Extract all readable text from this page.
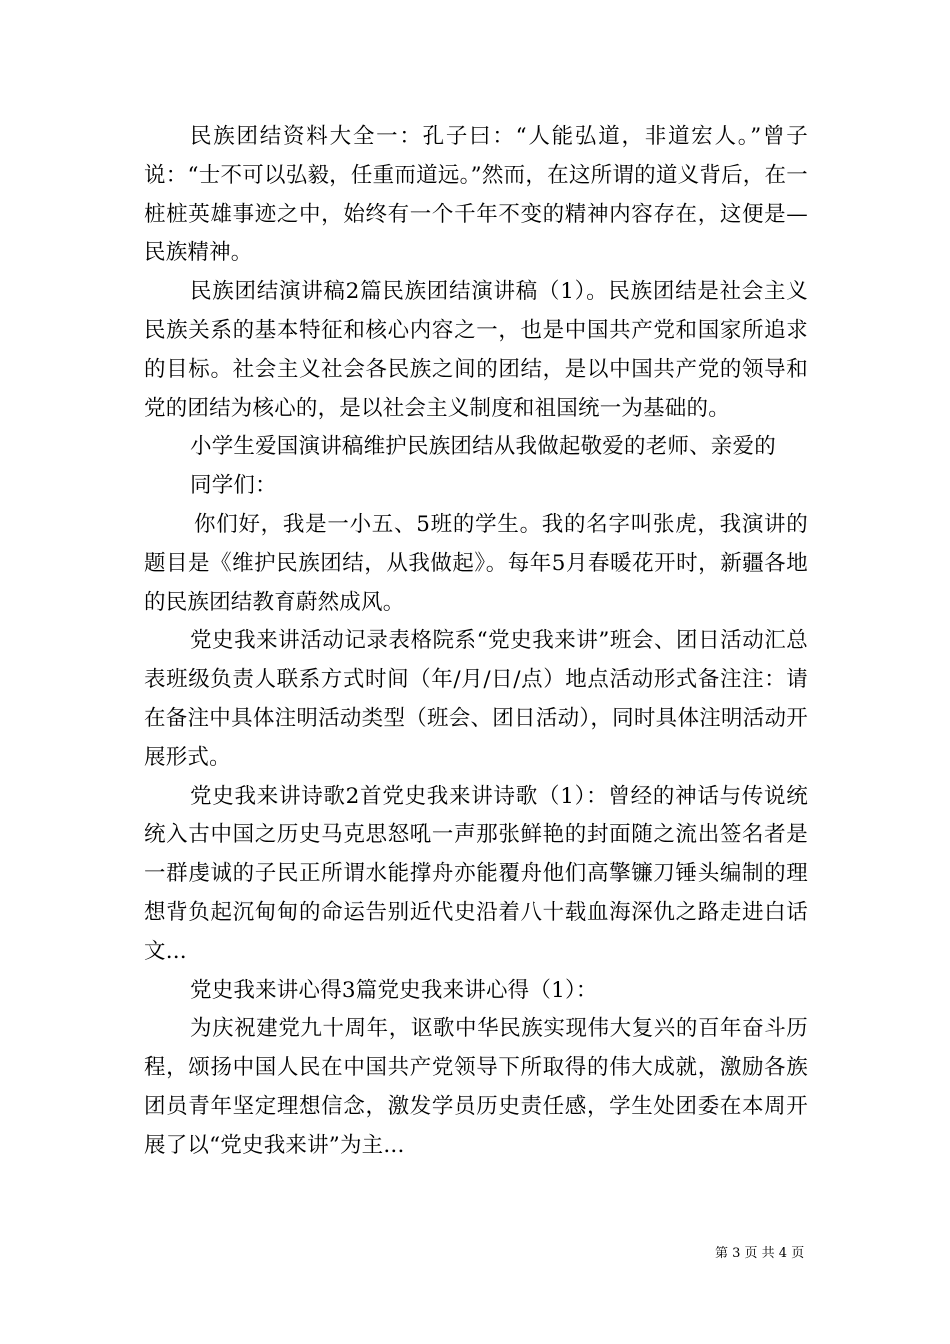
民族团结资料大全一：孔子曰：“人能弘道，非道宏人。”曾子说：“士不可以弘毅，任重而道远。”然而，在这所谓的道义背后，在一桩桩英雄事迹之中，始终有一个千年不变的精神内容存在，这便是—民族精神。

民族团结演讲稿2篇民族团结演讲稿（1）。民族团结是社会主义民族关系的基本特征和核心内容之一，也是中国共产党和国家所追求的目标。社会主义社会各民族之间的团结，是以中国共产党的领导和党的团结为核心的，是以社会主义制度和祖国统一为基础的。

小学生爱国演讲稿维护民族团结从我做起敬爱的老师、亲爱的

同学们：

你们好，我是一小五、5班的学生。我的名字叫张虎，我演讲的题目是《维护民族团结，从我做起》。每年5月春暖花开时，新疆各地的民族团结教育蔚然成风。

党史我来讲活动记录表格院系“党史我来讲”班会、团日活动汇总表班级负责人联系方式时间（年/月/日/点）地点活动形式备注注：请在备注中具体注明活动类型（班会、团日活动），同时具体注明活动开展形式。

党史我来讲诗歌2首党史我来讲诗歌（1）：曾经的神话与传说统统入古中国之历史马克思怒吼一声那张鲜艳的封面随之流出签名者是一群虔诚的子民正所谓水能撑舟亦能覆舟他们高擎镰刀锤头编制的理想背负起沉甸甸的命运告别近代史沿着八十载血海深仇之路走进白话文...

党史我来讲心得3篇党史我来讲心得（1）：

为庆祝建党九十周年，讴歌中华民族实现伟大复兴的百年奋斗历程，颂扬中国人民在中国共产党领导下所取得的伟大成就，激励各族团员青年坚定理想信念，激发学员历史责任感，学生处团委在本周开展了以“党史我来讲”为主...

第 3 页 共 4 页
